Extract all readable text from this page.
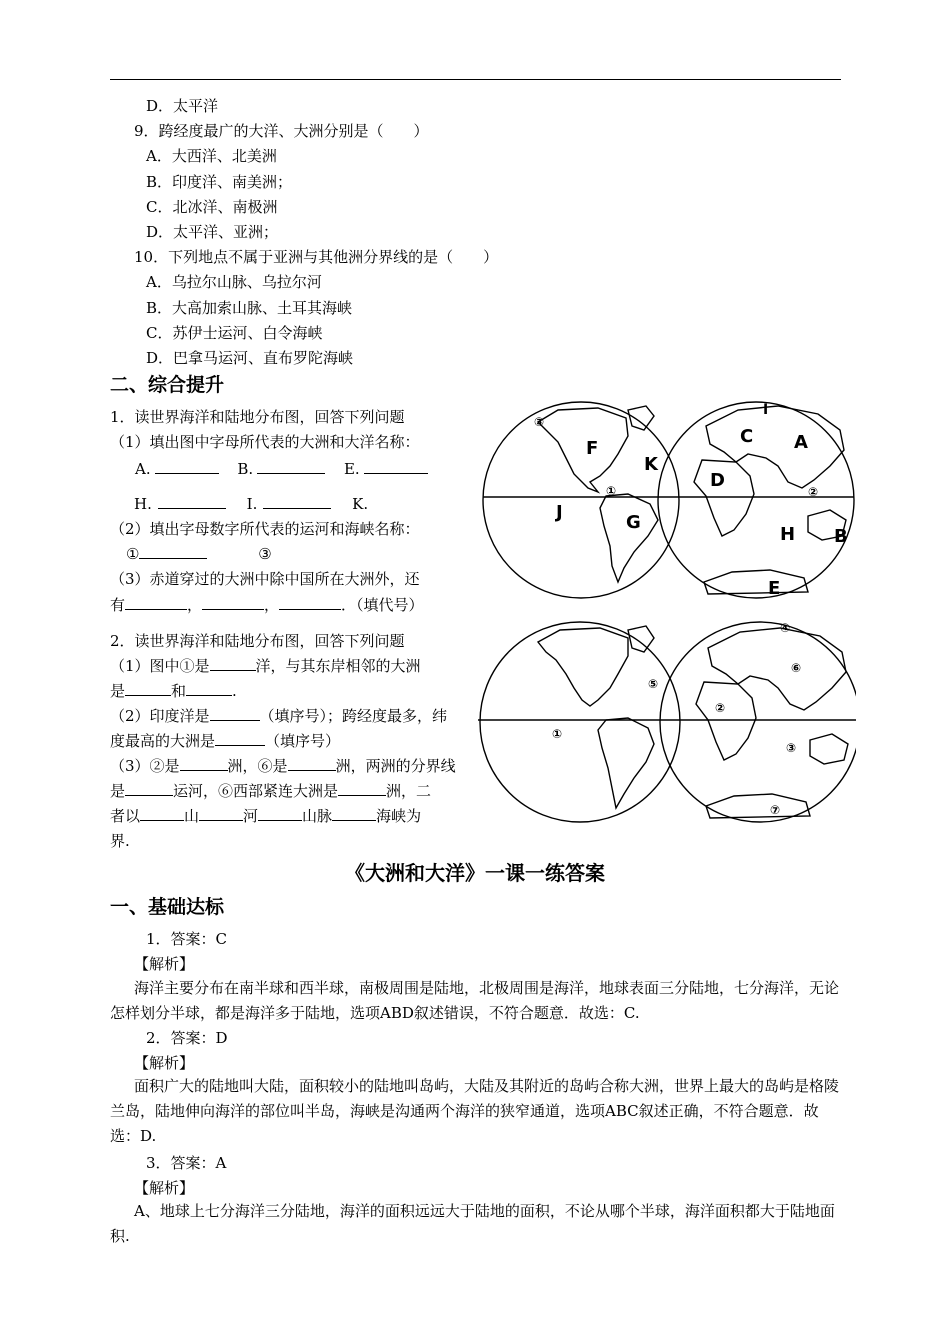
D．太平洋
9．跨经度最广的大洋、大洲分别是（　　）
A．大西洋、北美洲
B．印度洋、南美洲；
C．北冰洋、南极洲
D．太平洋、亚洲；
10．下列地点不属于亚洲与其他洲分界线的是（　　）
A．乌拉尔山脉、乌拉尔河
B．大高加索山脉、土耳其海峡
C．苏伊士运河、白令海峡
D．巴拿马运河、直布罗陀海峡
二、综合提升
1．读世界海洋和陆地分布图，回答下列问题
（1）填出图中字母所代表的大洲和大洋名称：
A.	B.	E.
H.	I.	K.
（2）填出字母数字所代表的运河和海峡名称：
①	③
（3）赤道穿过的大洲中除中国所在大洲外，还
有	，	，	．（填代号）
2．读世界海洋和陆地分布图，回答下列问题
（1）图中①是	洋，与其东岸相邻的大洲
是	和	.
（2）印度洋是	（填序号）；跨经度最多，纬
度最高的大洲是	（填序号）
（3）②是	洲，⑥是	洲，两洲的分界线
是	运河，⑥西部紧连大洲是	洲，二
者以	山	河	山脉	海峡为
界.
③
F
K
①
J	G
I
C A
D
②
H B
E
④
⑤
⑥
②
①
③
⑦
《大洲和大洋》一课一练答案
一、基础达标
1．答案：C
【解析】
海洋主要分布在南半球和西半球，南极周围是陆地，北极周围是海洋，地球表面三分陆地，七分海洋，无论怎样划分半球，都是海洋多于陆地，选项ABD叙述错误，不符合题意．故选：C.
2．答案：D
【解析】
面积广大的陆地叫大陆，面积较小的陆地叫岛屿，大陆及其附近的岛屿合称大洲，世界上最大的岛屿是格陵兰岛，陆地伸向海洋的部位叫半岛，海峡是沟通两个海洋的狭窄通道，选项ABC叙述正确，不符合题意．故选：D.
3．答案：A
【解析】
A、地球上七分海洋三分陆地，海洋的面积远远大于陆地的面积，不论从哪个半球，海洋面积都大于陆地面积.
